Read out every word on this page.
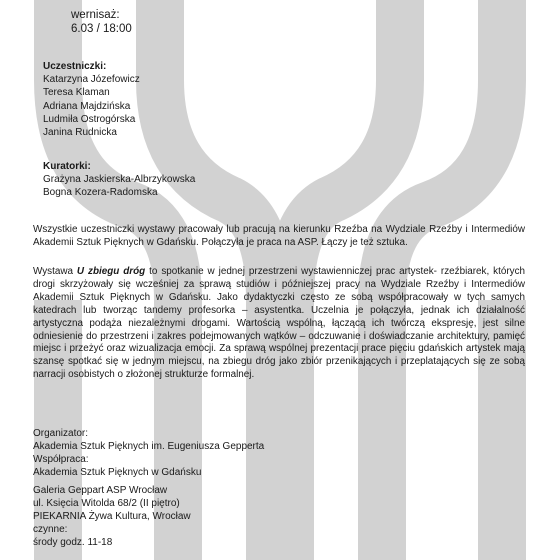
wernisaż:
6.03 / 18:00
Uczestniczki:
Katarzyna Józefowicz
Teresa Klaman
Adriana Majdzińska
Ludmiła Ostrogórska
Janina Rudnicka
Kuratorki:
Grażyna Jaskierska-Albrzykowska
Bogna Kozera-Radomska
Wszystkie uczestniczki wystawy pracowały lub pracują na kierunku Rzeźba na Wydziale Rzeźby i Intermediów Akademii Sztuk Pięknych w Gdańsku. Połączyła je praca na ASP. Łączy je też sztuka.
Wystawa U zbiegu dróg to spotkanie w jednej przestrzeni wystawienniczej prac artystek- rzeźbiarek, których drogi skrzyżowały się wcześniej za sprawą studiów i późniejszej pracy na Wydziale Rzeźby i Intermediów Akademii Sztuk Pięknych w Gdańsku. Jako dydaktyczki często ze sobą współpracowały w tych samych katedrach lub tworząc tandemy profesorka – asystentka. Uczelnia je połączyła, jednak ich działalność artystyczna podąża niezależnymi drogami. Wartością wspólną, łączącą ich twórczą ekspresję, jest silne odniesienie do przestrzeni i zakres podejmowanych wątków – odczuwanie i doświadczanie architektury, pamięć miejsc i przeżyć oraz wizualizacja emocji. Za sprawą wspólnej prezentacji prace pięciu gdańskich artystek mają szansę spotkać się w jednym miejscu, na zbiegu dróg jako zbiór przenikających i przeplatających się ze sobą narracji osobistych o złożonej strukturze formalnej.
Organizator:
Akademia Sztuk Pięknych im. Eugeniusza Gepperta
Współpraca:
Akademia Sztuk Pięknych w Gdańsku
Galeria Geppart ASP Wrocław
ul. Księcia Witolda 68/2 (II piętro)
PIEKARNIA Żywa Kultura, Wrocław
czynne:
środy godz. 11-18
